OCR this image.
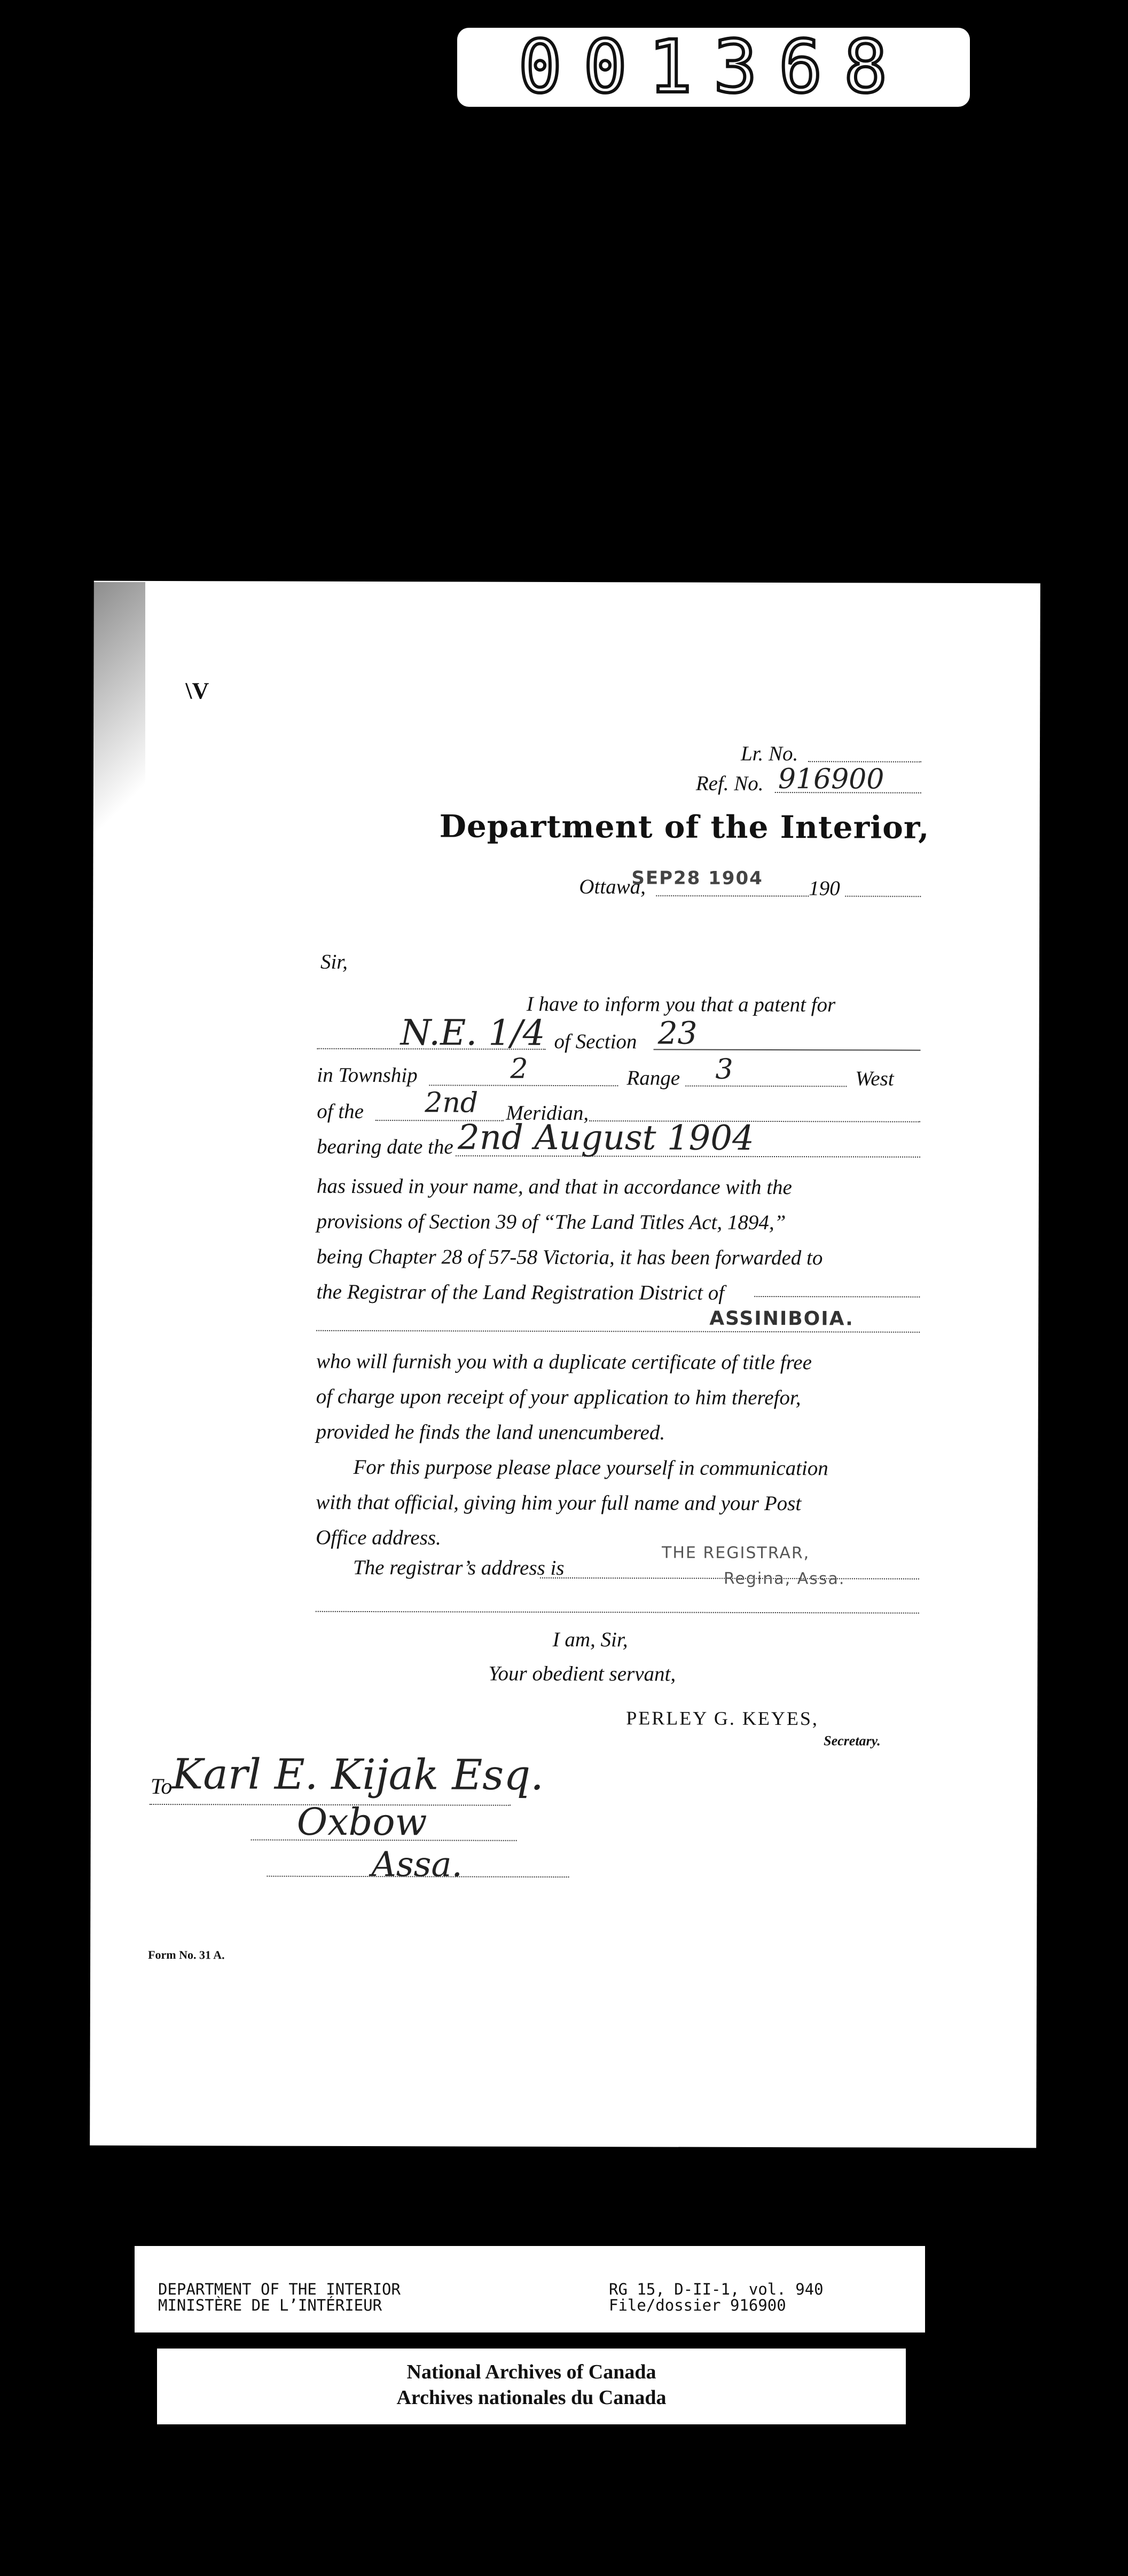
001368
\V
Lr. No.
Ref. No. 916900
Department of the Interior,
Ottawa,
SEP28 1904 190
Sir,
I have to inform you that a patent for
N.E. 1/4 of Section 23
in Township	2	Range 3	West
of the 2nd Meridian,
bearing date the 2nd August 1904
has issued in your name, and that in accordance with the
provisions of Section 39 of “The Land Titles Act, 1894,”
being Chapter 28 of 57-58 Victoria, it has been forwarded to
the Registrar of the Land Registration District of
ASSINIBOIA.
who will furnish you with a duplicate certificate of title free
of charge upon receipt of your application to him therefor,
provided he finds the land unencumbered.
For this purpose please place yourself in communication
with that official, giving him your full name and your Post
Office address.
The registrar’s address is
THE REGISTRAR,
Regina, Assa.
I am, Sir,
Your obedient servant,
PERLEY G. KEYES,
Secretary.
To Karl E. Kijak Esq.
Oxbow
Assa.
Form No. 31 A.
DEPARTMENT OF THE INTERIOR
MINISTÈRE DE L’INTÉRIEUR
RG 15, D-II-1, vol. 940
File/dossier 916900
National Archives of Canada
Archives nationales du Canada
